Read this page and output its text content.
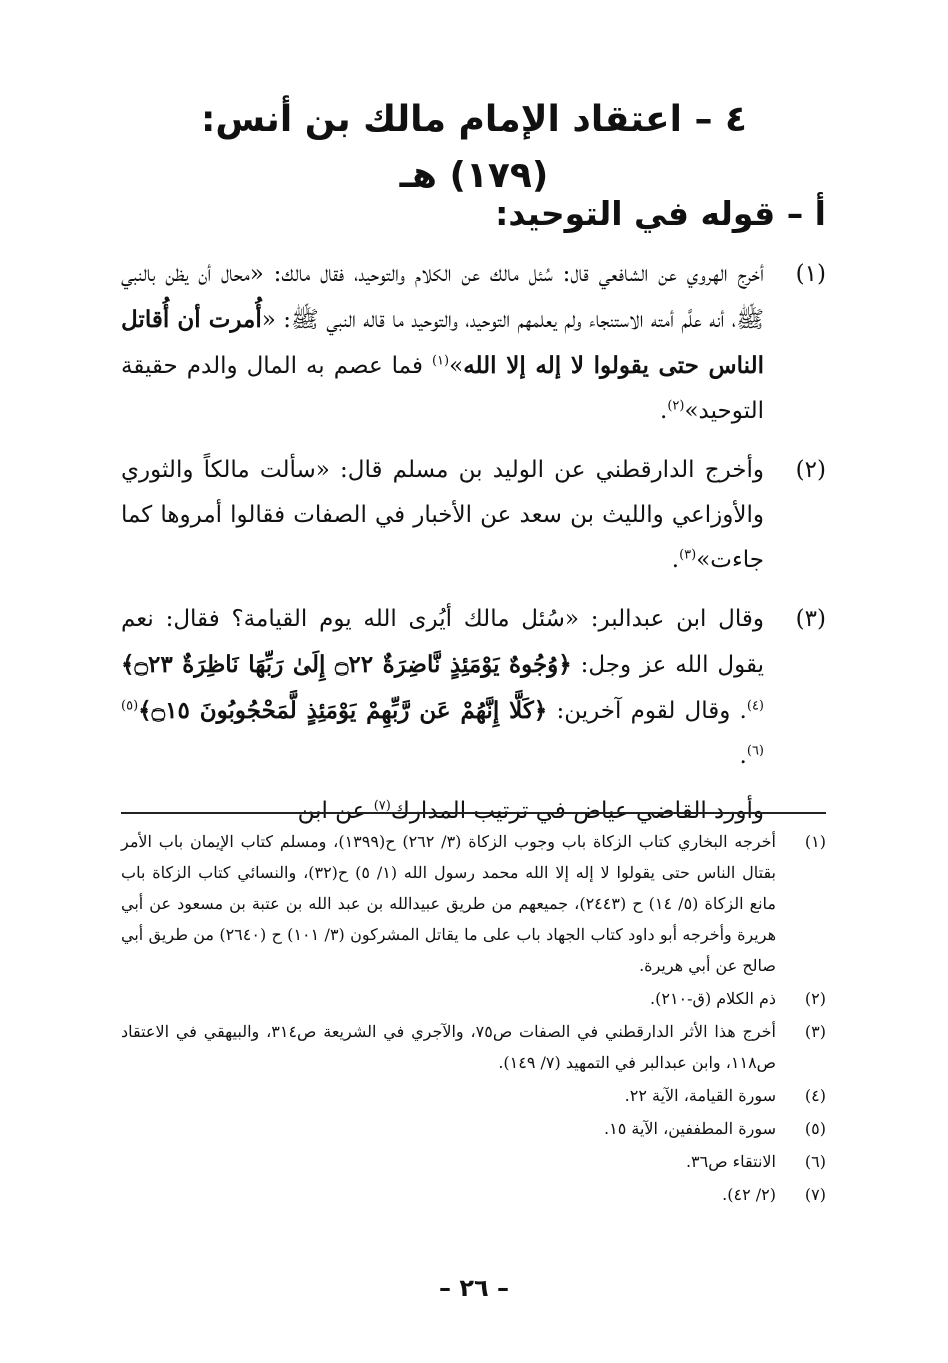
٤ – اعتقاد الإمام مالك بن أنس: (١٧٩) هـ
أ – قوله في التوحيد:
(١)
أخرج الهروي عن الشافعي قال: سُئل مالك عن الكلام والتوحيد، فقال مالك: «محال أن يظن بالنبي ﷺ، أنه علَّم أمته الاستنجاء ولم يعلمهم التوحيد، والتوحيد ما قاله النبي ﷺ: «أُمرت أن أُقاتل الناس حتى يقولوا لا إله إلا الله»$^{(١)}$ فما عصم به المال والدم حقيقة التوحيد»$^{(٢)}$.
(٢)
وأخرج الدارقطني عن الوليد بن مسلم قال: «سألت مالكاً والثوري والأوزاعي والليث بن سعد عن الأخبار في الصفات فقالوا أمروها كما جاءت»$^{(٣)}$.
(٣)
وقال ابن عبدالبر: «سُئل مالك أيُرى الله يوم القيامة؟ فقال: نعم يقول الله عز وجل: ﴿وُجُوهٌ يَوْمَئِذٍ نَّاضِرَةٌ ۝٢٢ إِلَىٰ رَبِّهَا نَاظِرَةٌ ۝٢٣﴾$^{(٤)}$. وقال لقوم آخرين: ﴿كَلَّا إِنَّهُمْ عَن رَّبِّهِمْ يَوْمَئِذٍ لَّمَحْجُوبُونَ ۝١٥﴾$^{(٥)(٦)}$.
وأورد القاضي عياض في ترتيب المدارك$^{(٧)}$ عن ابن
(١)
أخرجه البخاري كتاب الزكاة باب وجوب الزكاة (٣/ ٢٦٢) ح(١٣٩٩)، ومسلم كتاب الإيمان باب الأمر بقتال الناس حتى يقولوا لا إله إلا الله محمد رسول الله (١/ ٥) ح(٣٢)، والنسائي كتاب الزكاة باب مانع الزكاة (٥/ ١٤) ح (٢٤٤٣)، جميعهم من طريق عبيدالله بن عبد الله بن عتبة بن مسعود عن أبي هريرة وأخرجه أبو داود كتاب الجهاد باب على ما يقاتل المشركون (٣/ ١٠١) ح (٢٦٤٠) من طريق أبي صالح عن أبي هريرة.
(٢)
ذم الكلام (ق-٢١٠).
(٣)
أخرج هذا الأثر الدارقطني في الصفات ص٧٥، والآجري في الشريعة ص٣١٤، والبيهقي في الاعتقاد ص١١٨، وابن عبدالبر في التمهيد (٧/ ١٤٩).
(٤)
سورة القيامة، الآية ٢٢.
(٥)
سورة المطففين، الآية ١٥.
(٦)
الانتقاء ص٣٦.
(٧)
(٢/ ٤٢).
– ٢٦ –
